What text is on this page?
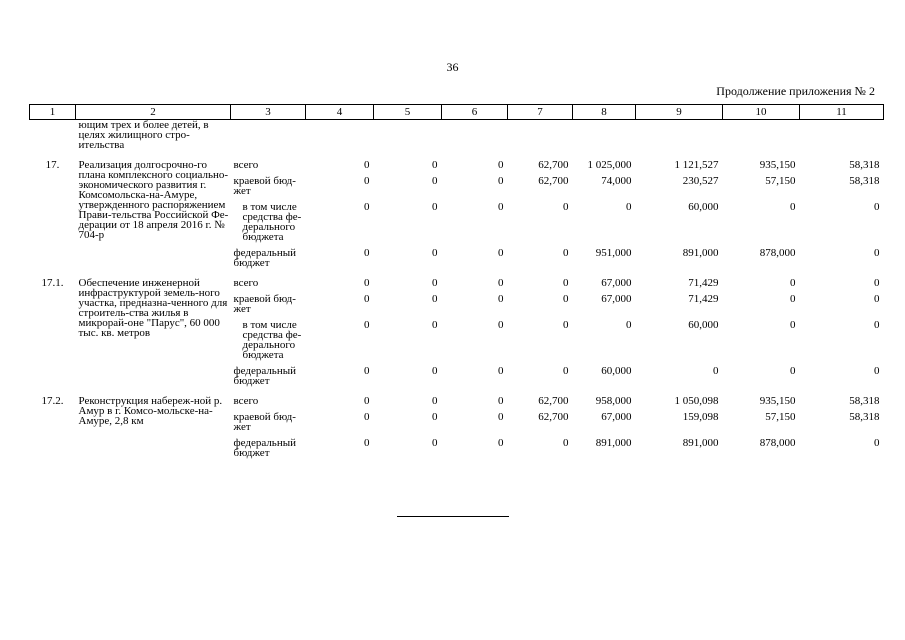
36
Продолжение приложения № 2
1	2	3	4	5	6	7	8	9	10	11
	ющим трех и более детей, в целях жилищного стро-ительства									
17.	Реализация долгосрочно-го плана комплексного социально-экономического развития г. Комсомольска-на-Амуре, утвержденного распоряжением Прави-тельства Российской Фе-дерации от 18 апреля 2016 г. № 704-р	всего	0	0	0	62,700	1 025,000	1 121,527	935,150	58,318
		краевой бюд-жет	0	0	0	62,700	74,000	230,527	57,150	58,318
		в том числе средства фе-дерального бюджета	0	0	0	0	0	60,000	0	0
		федеральный бюджет	0	0	0	0	951,000	891,000	878,000	0
17.1.	Обеспечение инженерной инфраструктурой земель-ного участка, предназна-ченного для строитель-ства жилья в микрорай-оне "Парус", 60 000 тыс. кв. метров	всего	0	0	0	0	67,000	71,429	0	0
		краевой бюд-жет	0	0	0	0	67,000	71,429	0	0
		в том числе средства фе-дерального бюджета	0	0	0	0	0	60,000	0	0
		федеральный бюджет	0	0	0	0	60,000	0	0	0
17.2.	Реконструкция набереж-ной р. Амур в г. Комсо-мольске-на-Амуре, 2,8 км	всего	0	0	0	62,700	958,000	1 050,098	935,150	58,318
		краевой бюд-жет	0	0	0	62,700	67,000	159,098	57,150	58,318
		федеральный бюджет	0	0	0	0	891,000	891,000	878,000	0
